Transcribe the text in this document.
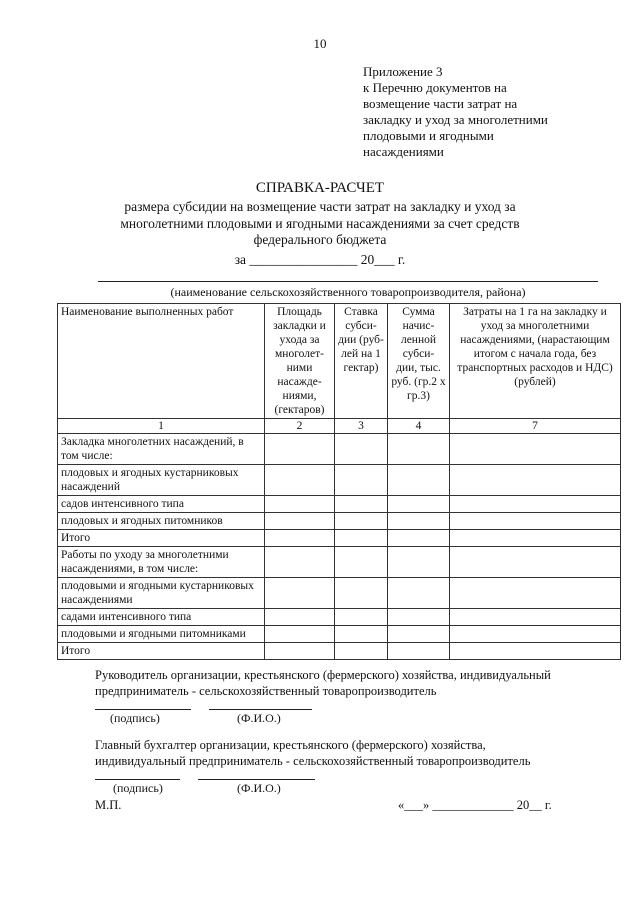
10
Приложение 3
к Перечню документов на
возмещение части затрат на
закладку и уход за многолетними
плодовыми и ягодными
насаждениями
СПРАВКА-РАСЧЕТ
размера субсидии на возмещение части затрат на закладку и уход за
многолетними плодовыми и ягодными насаждениями за счет средств
федерального бюджета
за ________________ 20___ г.
(наименование сельскохозяйственного товаропроизводителя, района)
Наименование выполненных работ	Площадь закладки и ухода за многолет- ними насажде- ниями, (гектаров)	Ставка субси- дии (руб- лей на 1 гектар)	Сумма начис- ленной субси- дии, тыс. руб. (гр.2 х гр.3)	Затраты на 1 га на закладку и уход за многолетними насаждениями, (нарастающим итогом с начала года, без транспортных расходов и НДС) (рублей)
1	2	3	4	7
Закладка многолетних насаждений, в том числе:				
плодовых и ягодных кустарниковых насаждений				
садов интенсивного типа				
плодовых и ягодных питомников				
Итого				
Работы по уходу за многолетними насаждениями, в том числе:				
плодовыми и ягодными кустарниковых насаждениями				
садами интенсивного типа				
плодовыми и ягодными питомниками				
Итого				
Руководитель организации, крестьянского (фермерского) хозяйства, индивидуальный
предприниматель - сельскохозяйственный товаропроизводитель
(подпись)	(Ф.И.О.)
Главный бухгалтер организации, крестьянского (фермерского) хозяйства,
индивидуальный предприниматель - сельскохозяйственный товаропроизводитель
(подпись)	(Ф.И.О.)
М.П.	«___» _____________ 20__ г.
